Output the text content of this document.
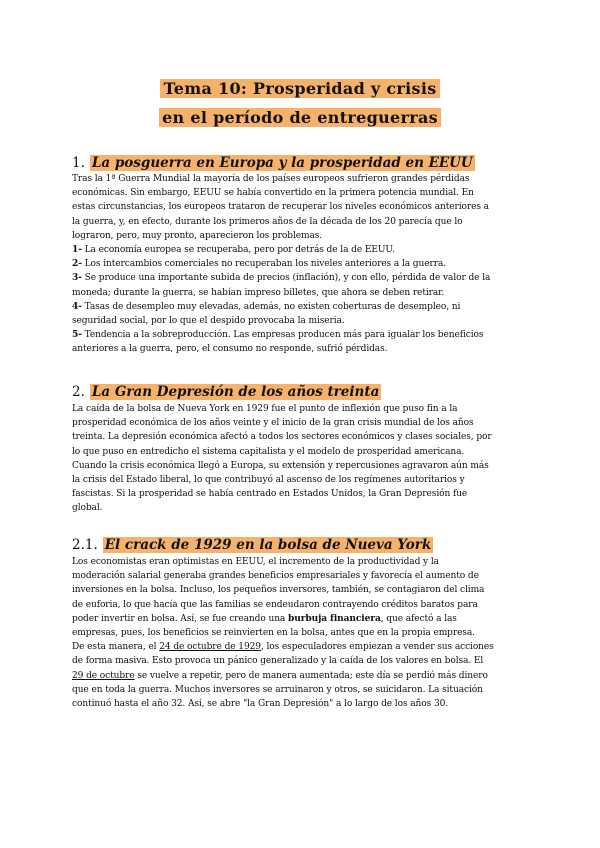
Tema 10: Prosperidad y crisis
en el período de entreguerras
1. La posguerra en Europa y la prosperidad en EEUU
Tras la 1ª Guerra Mundial la mayoría de los países europeos sufrieron grandes pérdidas
económicas. Sin embargo, EEUU se había convertido en la primera potencia mundial. En
estas circunstancias, los europeos trataron de recuperar los niveles económicos anteriores a
la guerra, y, en efecto, durante los primeros años de la década de los 20 parecía que lo
lograron, pero, muy pronto, aparecieron los problemas.
1- La economía europea se recuperaba, pero por detrás de la de EEUU.
2- Los intercambios comerciales no recuperaban los niveles anteriores a la guerra.
3- Se produce una importante subida de precios (inflación), y con ello, pérdida de valor de la
moneda; durante la guerra, se habían impreso billetes, que ahora se deben retirar.
4- Tasas de desempleo muy elevadas, además, no existen coberturas de desempleo, ni
seguridad social, por lo que el despido provocaba la miseria.
5- Tendencia a la sobreproducción. Las empresas producen más para igualar los beneficios
anteriores a la guerra, pero, el consumo no responde, sufrió pérdidas.
2. La Gran Depresión de los años treinta
La caída de la bolsa de Nueva York en 1929 fue el punto de inflexión que puso fin a la
prosperidad económica de los años veinte y el inicio de la gran crisis mundial de los años
treinta. La depresión económica afectó a todos los sectores económicos y clases sociales, por
lo que puso en entredicho el sistema capitalista y el modelo de prosperidad americana.
Cuando la crisis económica llegó a Europa, su extensión y repercusiones agravaron aún más
la crisis del Estado liberal, lo que contribuyó al ascenso de los regímenes autoritarios y
fascistas. Si la prosperidad se había centrado en Estados Unidos, la Gran Depresión fue
global.
2.1. El crack de 1929 en la bolsa de Nueva York
Los economistas eran optimistas en EEUU, el incremento de la productividad y la
moderación salarial generaba grandes beneficios empresariales y favorecía el aumento de
inversiones en la bolsa. Incluso, los pequeños inversores, también, se contagiaron del clima
de euforia, lo que hacía que las familias se endeudaron contrayendo créditos baratos para
poder invertir en bolsa. Así, se fue creando una burbuja financiera, que afectó a las
empresas, pues, los beneficios se reinvierten en la bolsa, antes que en la propia empresa.
De esta manera, el 24 de octubre de 1929, los especuladores empiezan a vender sus acciones
de forma masiva. Esto provoca un pánico generalizado y la caída de los valores en bolsa. El
29 de octubre se vuelve a repetir, pero de manera aumentada; este día se perdió más dinero
que en toda la guerra. Muchos inversores se arruinaron y otros, se suicidaron. La situación
continuó hasta el año 32. Así, se abre "la Gran Depresión" a lo largo de los años 30.
